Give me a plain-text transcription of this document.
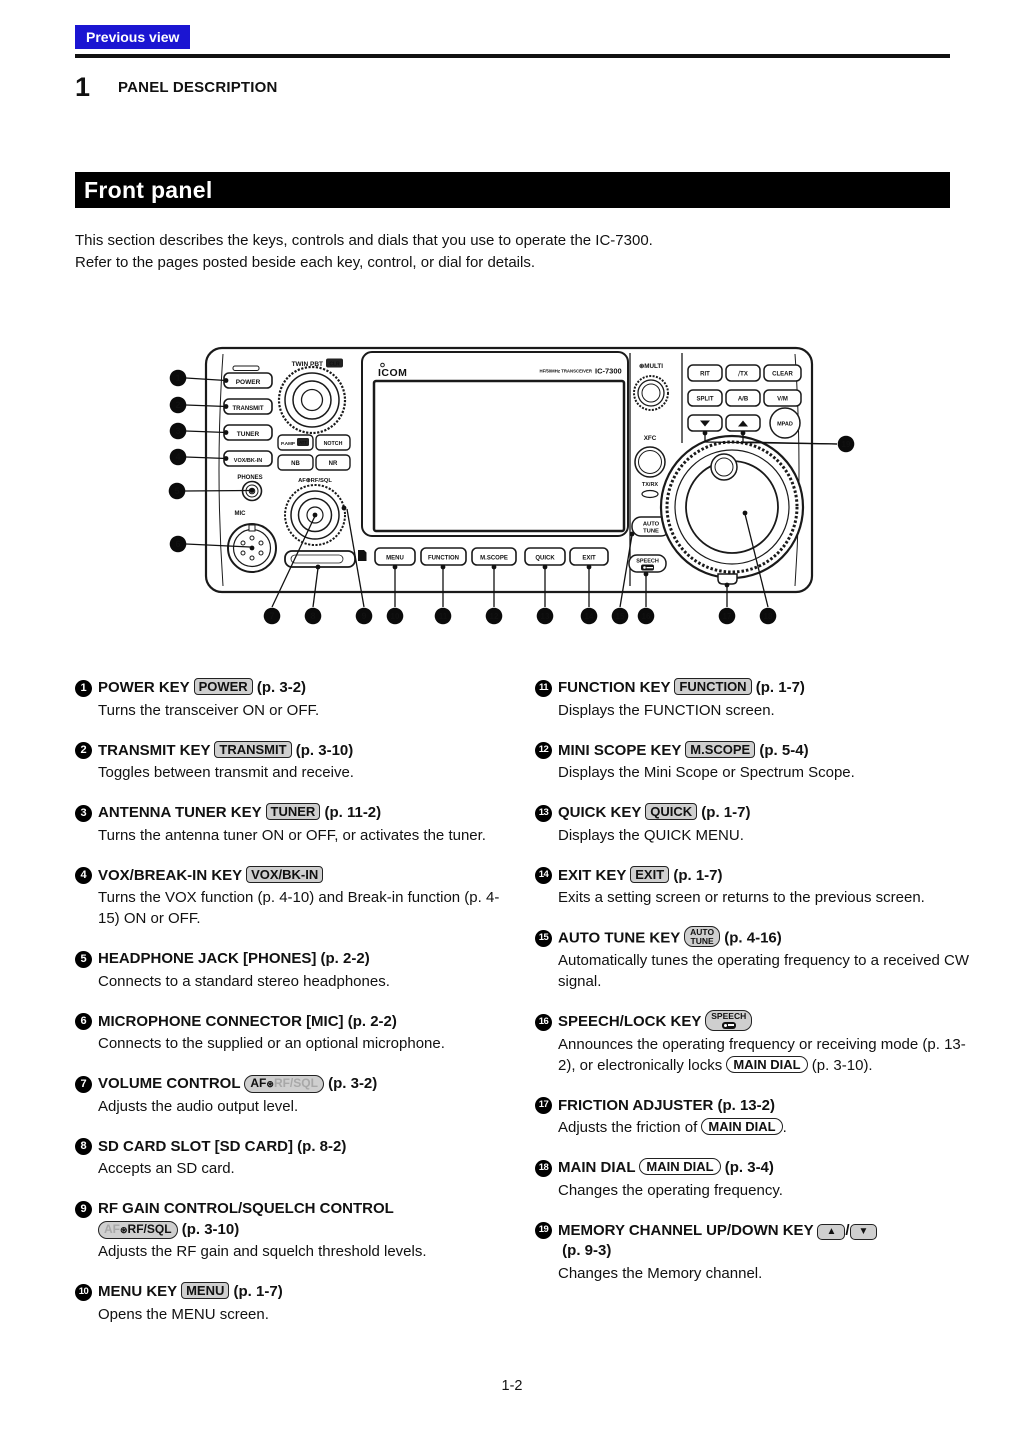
Previous view
1 PANEL DESCRIPTION
Front panel

This section describes the keys, controls and dials that you use to operate the IC-7300.
Refer to the pages posted beside each key, control, or dial for details.

POWER
TRANSMIT
TUNER
VOX/BK-IN
PHONES
MIC
TWIN PBT CLR
P.AMP ATT	NOTCH
NB	NR
AF⊛RF/SQL
ICOM	HF/50MHz TRANSCEIVER IC-7300
MENU	FUNCTION	M.SCOPE	QUICK	EXIT
⊛MULTI
XFC
TX/RX
AUTO
TUNE
SPEECH
RIT	⧸TX	CLEAR
SPLIT	A/B	V/M
MPAD
1
2
3
4
5
6
7	8	9	10	11	12	13	14	15 16	17	18
19
1 POWER KEY POWER (p. 3-2)
Turns the transceiver ON or OFF.
2 TRANSMIT KEY TRANSMIT (p. 3-10)
Toggles between transmit and receive.
3 ANTENNA TUNER KEY TUNER (p. 11-2)
Turns the antenna tuner ON or OFF, or activates the tuner.
4 VOX/BREAK-IN KEY VOX/BK-IN
Turns the VOX function (p. 4-10) and Break-in function (p. 4-15) ON or OFF.
5 HEADPHONE JACK [PHONES] (p. 2-2)
Connects to a standard stereo headphones.
6 MICROPHONE CONNECTOR [MIC] (p. 2-2)
Connects to the supplied or an optional microphone.
7 VOLUME CONTROL AF⊛RF/SQL (p. 3-2)
Adjusts the audio output level.
8 SD CARD SLOT [SD CARD] (p. 8-2)
Accepts an SD card.
9 RF GAIN CONTROL/SQUELCH CONTROL
AF⊛RF/SQL (p. 3-10)
Adjusts the RF gain and squelch threshold levels.
10 MENU KEY MENU (p. 1-7)
Opens the MENU screen.
11 FUNCTION KEY FUNCTION (p. 1-7)
Displays the FUNCTION screen.
12 MINI SCOPE KEY M.SCOPE (p. 5-4)
Displays the Mini Scope or Spectrum Scope.
13 QUICK KEY QUICK (p. 1-7)
Displays the QUICK MENU.
14 EXIT KEY EXIT (p. 1-7)
Exits a setting screen or returns to the previous screen.
15 AUTO TUNE KEY AUTO
TUNE (p. 4-16)
Automatically tunes the operating frequency to a received CW signal.
16 SPEECH/LOCK KEY SPEECH
Announces the operating frequency or receiving mode (p. 13-2), or electronically locks MAIN DIAL (p. 3-10).
17 FRICTION ADJUSTER (p. 13-2)
Adjusts the friction of MAIN DIAL .
18 MAIN DIAL MAIN DIAL (p. 3-4)
Changes the operating frequency.
19 MEMORY CHANNEL UP/DOWN KEY ▲ / ▼
(p. 9-3)
Changes the Memory channel.
1-2
